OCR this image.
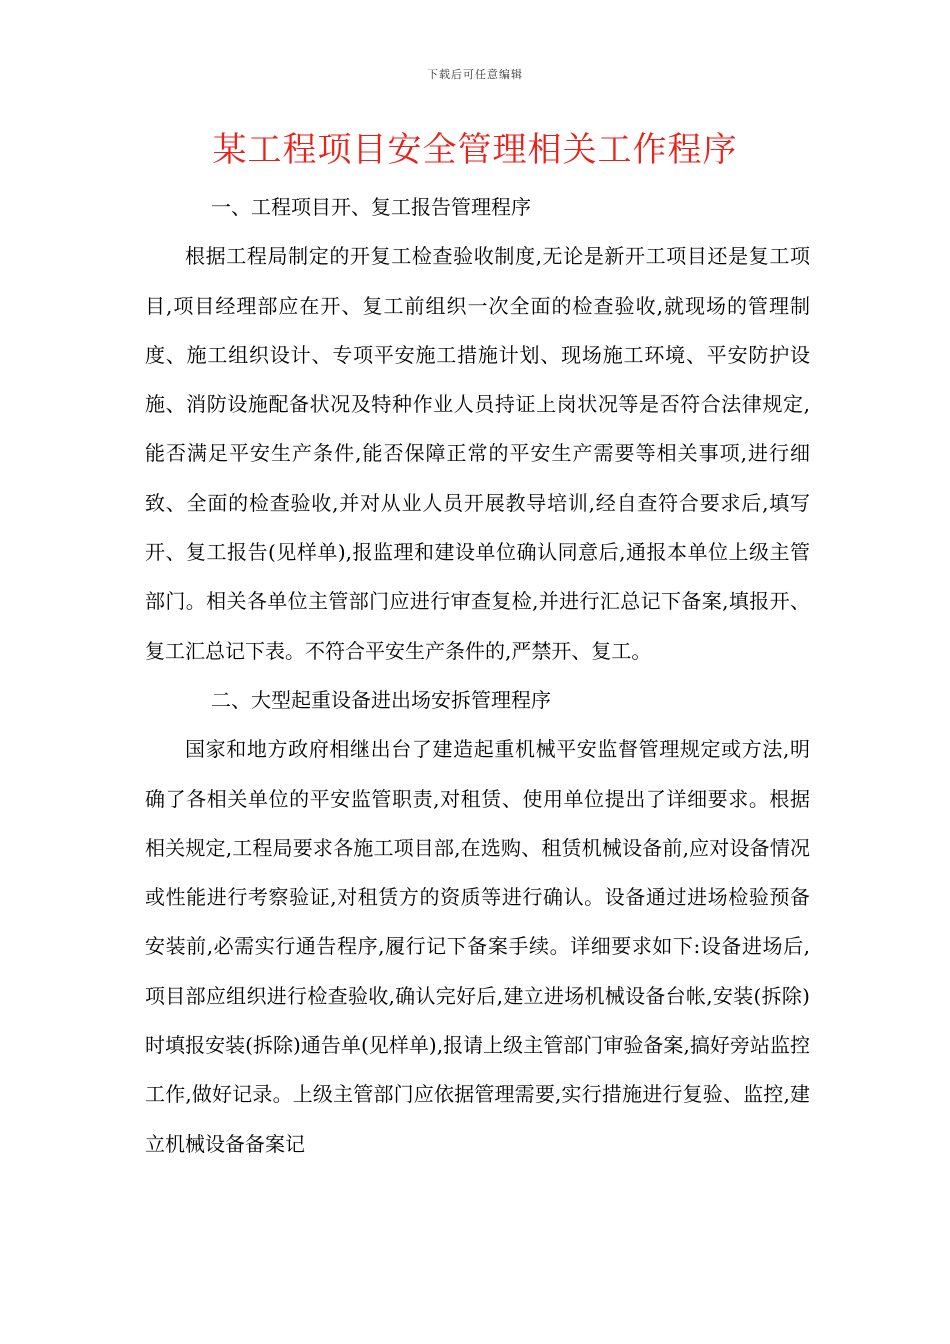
下载后可任意编辑
某工程项目安全管理相关工作程序

一、工程项目开、复工报告管理程序

根据工程局制定的开复工检查验收制度,无论是新开工项目还是复工项目,项目经理部应在开、复工前组织一次全面的检查验收,就现场的管理制度、施工组织设计、专项平安施工措施计划、现场施工环境、平安防护设施、消防设施配备状况及特种作业人员持证上岗状况等是否符合法律规定,能否满足平安生产条件,能否保障正常的平安生产需要等相关事项,进行细致、全面的检查验收,并对从业人员开展教导培训,经自查符合要求后,填写开、复工报告(见样单),报监理和建设单位确认同意后,通报本单位上级主管部门。相关各单位主管部门应进行审查复检,并进行汇总记下备案,填报开、复工汇总记下表。不符合平安生产条件的,严禁开、复工。

二、大型起重设备进出场安拆管理程序

国家和地方政府相继出台了建造起重机械平安监督管理规定或方法,明确了各相关单位的平安监管职责,对租赁、使用单位提出了详细要求。根据相关规定,工程局要求各施工项目部,在选购、租赁机械设备前,应对设备情况或性能进行考察验证,对租赁方的资质等进行确认。设备通过进场检验预备安装前,必需实行通告程序,履行记下备案手续。详细要求如下:设备进场后,项目部应组织进行检查验收,确认完好后,建立进场机械设备台帐,安装(拆除)时填报安装(拆除)通告单(见样单),报请上级主管部门审验备案,搞好旁站监控工作,做好记录。上级主管部门应依据管理需要,实行措施进行复验、监控,建立机械设备备案记
